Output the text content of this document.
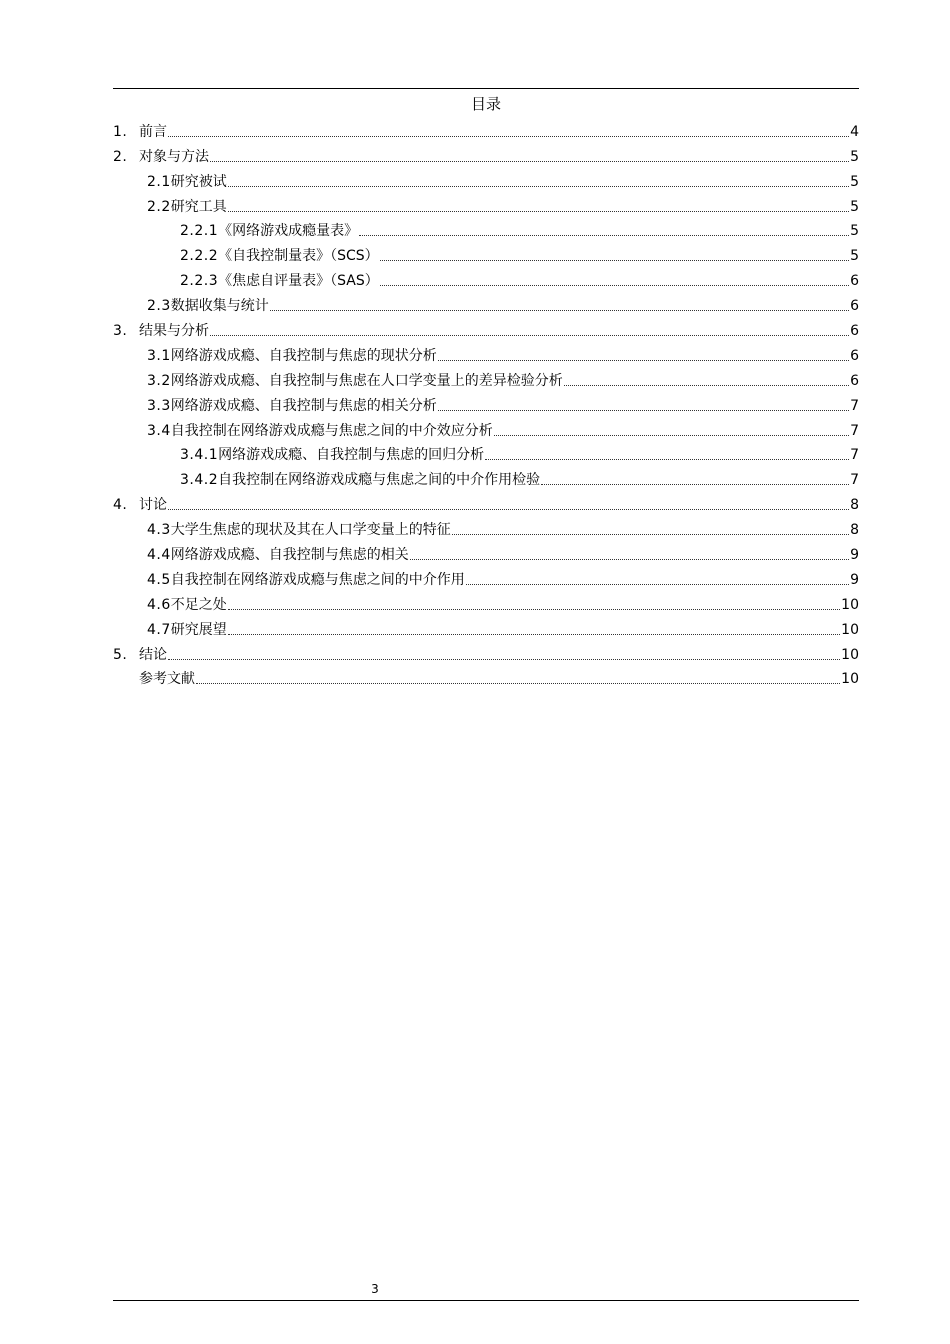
目录
1. 前言	4
2. 对象与方法	5
2.1 研究被试	5
2.2 研究工具	5
2.2.1 《网络游戏成瘾量表》	5
2.2.2 《自我控制量表》（SCS）	5
2.2.3 《焦虑自评量表》（SAS）	6
2.3 数据收集与统计	6
3. 结果与分析	6
3.1 网络游戏成瘾、自我控制与焦虑的现状分析	6
3.2 网络游戏成瘾、自我控制与焦虑在人口学变量上的差异检验分析	6
3.3 网络游戏成瘾、自我控制与焦虑的相关分析	7
3.4 自我控制在网络游戏成瘾与焦虑之间的中介效应分析	7
3.4.1 网络游戏成瘾、自我控制与焦虑的回归分析	7
3.4.2 自我控制在网络游戏成瘾与焦虑之间的中介作用检验	7
4. 讨论	8
4.3 大学生焦虑的现状及其在人口学变量上的特征	8
4.4 网络游戏成瘾、自我控制与焦虑的相关	9
4.5 自我控制在网络游戏成瘾与焦虑之间的中介作用	9
4.6 不足之处	10
4.7 研究展望	10
5. 结论	10
参考文献	10
3
